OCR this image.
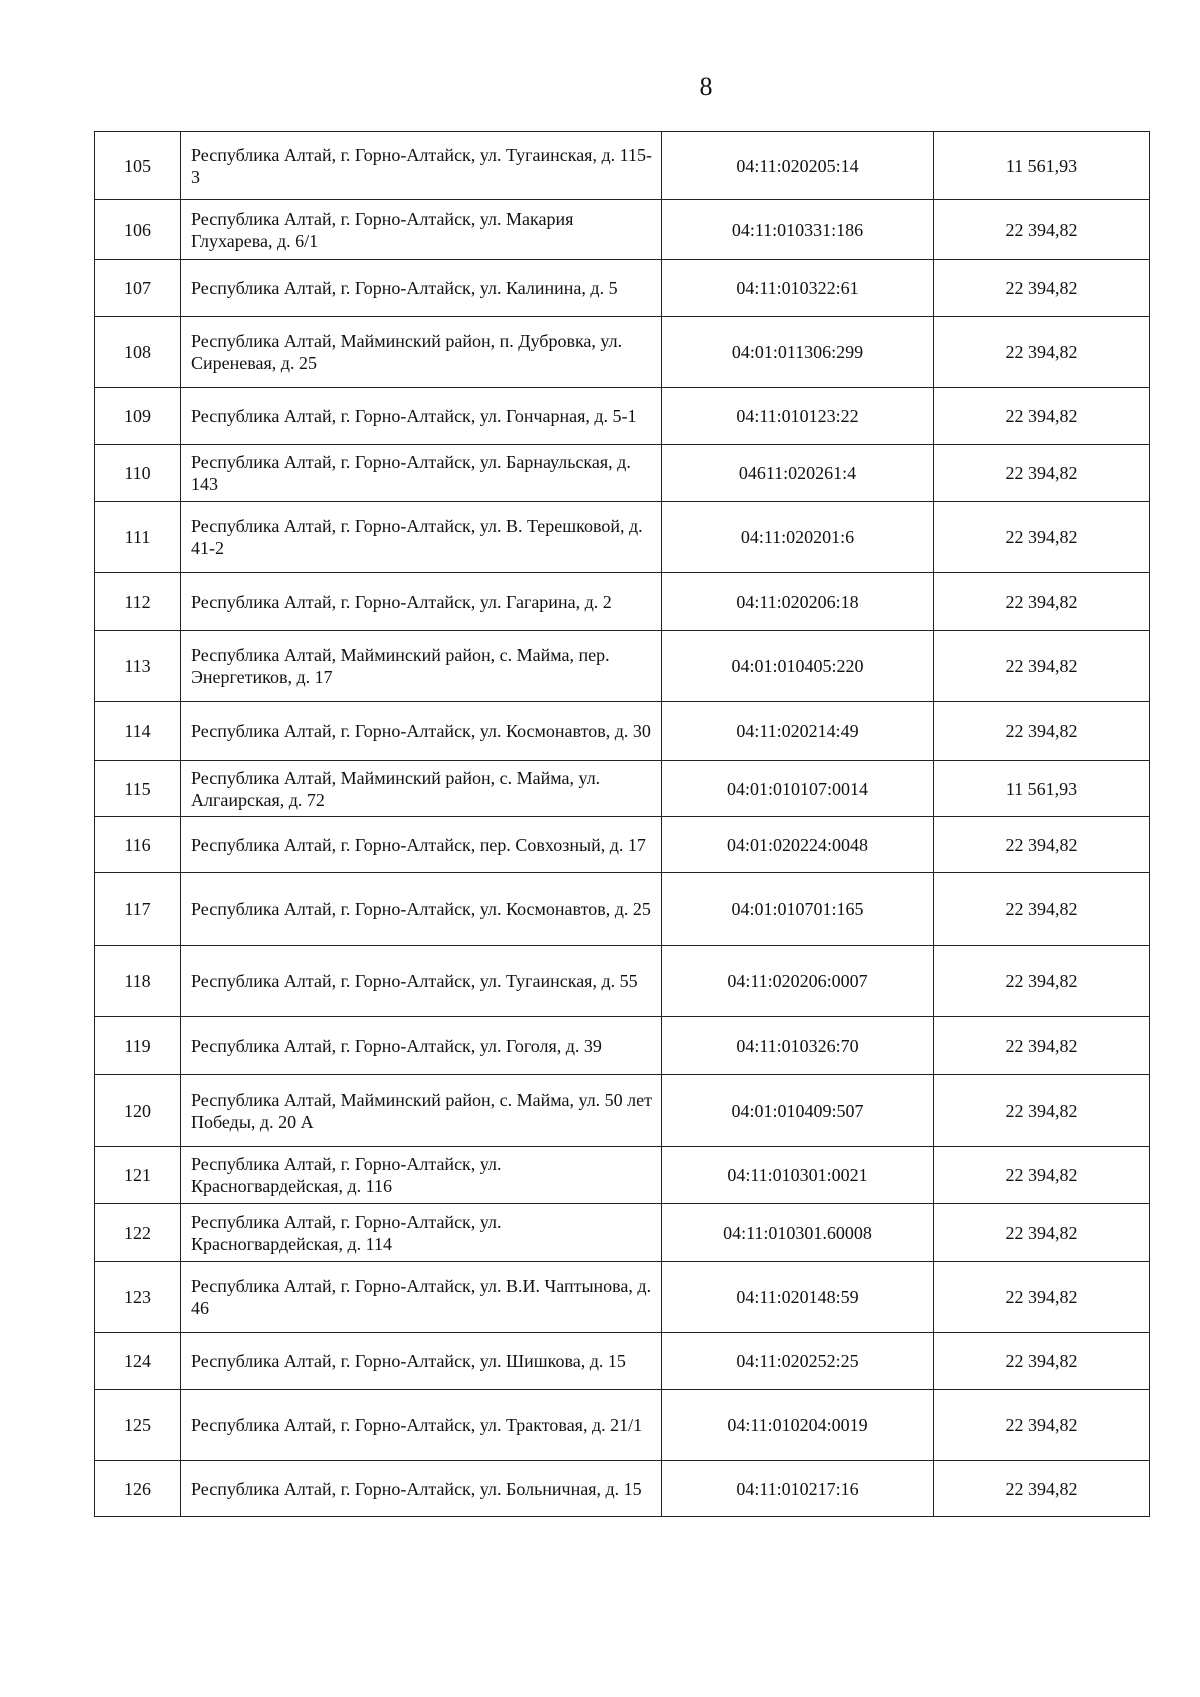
8
105	Республика Алтай, г. Горно-Алтайск, ул. Тугаинская, д. 115-3	04:11:020205:14	11 561,93
106	Республика Алтай, г. Горно-Алтайск, ул. Макария Глухарева, д. 6/1	04:11:010331:186	22 394,82
107	Республика Алтай, г. Горно-Алтайск, ул. Калинина, д. 5	04:11:010322:61	22 394,82
108	Республика Алтай, Майминский район, п. Дубровка, ул. Сиреневая, д. 25	04:01:011306:299	22 394,82
109	Республика Алтай, г. Горно-Алтайск, ул. Гончарная, д. 5-1	04:11:010123:22	22 394,82
110	Республика Алтай, г. Горно-Алтайск, ул. Барнаульская, д. 143	04611:020261:4	22 394,82
111	Республика Алтай, г. Горно-Алтайск, ул. В. Терешковой, д. 41-2	04:11:020201:6	22 394,82
112	Республика Алтай, г. Горно-Алтайск, ул. Гагарина, д. 2	04:11:020206:18	22 394,82
113	Республика Алтай, Майминский район, с. Майма, пер. Энергетиков, д. 17	04:01:010405:220	22 394,82
114	Республика Алтай, г. Горно-Алтайск, ул. Космонавтов, д. 30	04:11:020214:49	22 394,82
115	Республика Алтай, Майминский район, с. Майма, ул. Алгаирская, д. 72	04:01:010107:0014	11 561,93
116	Республика Алтай, г. Горно-Алтайск, пер. Совхозный, д. 17	04:01:020224:0048	22 394,82
117	Республика Алтай, г. Горно-Алтайск, ул. Космонавтов, д. 25	04:01:010701:165	22 394,82
118	Республика Алтай, г. Горно-Алтайск, ул. Тугаинская, д. 55	04:11:020206:0007	22 394,82
119	Республика Алтай, г. Горно-Алтайск, ул. Гоголя, д. 39	04:11:010326:70	22 394,82
120	Республика Алтай, Майминский район, с. Майма, ул. 50 лет Победы, д. 20 А	04:01:010409:507	22 394,82
121	Республика Алтай, г. Горно-Алтайск, ул. Красногвардейская, д. 116	04:11:010301:0021	22 394,82
122	Республика Алтай, г. Горно-Алтайск, ул. Красногвардейская, д. 114	04:11:010301.60008	22 394,82
123	Республика Алтай, г. Горно-Алтайск, ул. В.И. Чаптынова, д. 46	04:11:020148:59	22 394,82
124	Республика Алтай, г. Горно-Алтайск, ул. Шишкова, д. 15	04:11:020252:25	22 394,82
125	Республика Алтай, г. Горно-Алтайск, ул. Трактовая, д. 21/1	04:11:010204:0019	22 394,82
126	Республика Алтай, г. Горно-Алтайск, ул. Больничная, д. 15	04:11:010217:16	22 394,82
